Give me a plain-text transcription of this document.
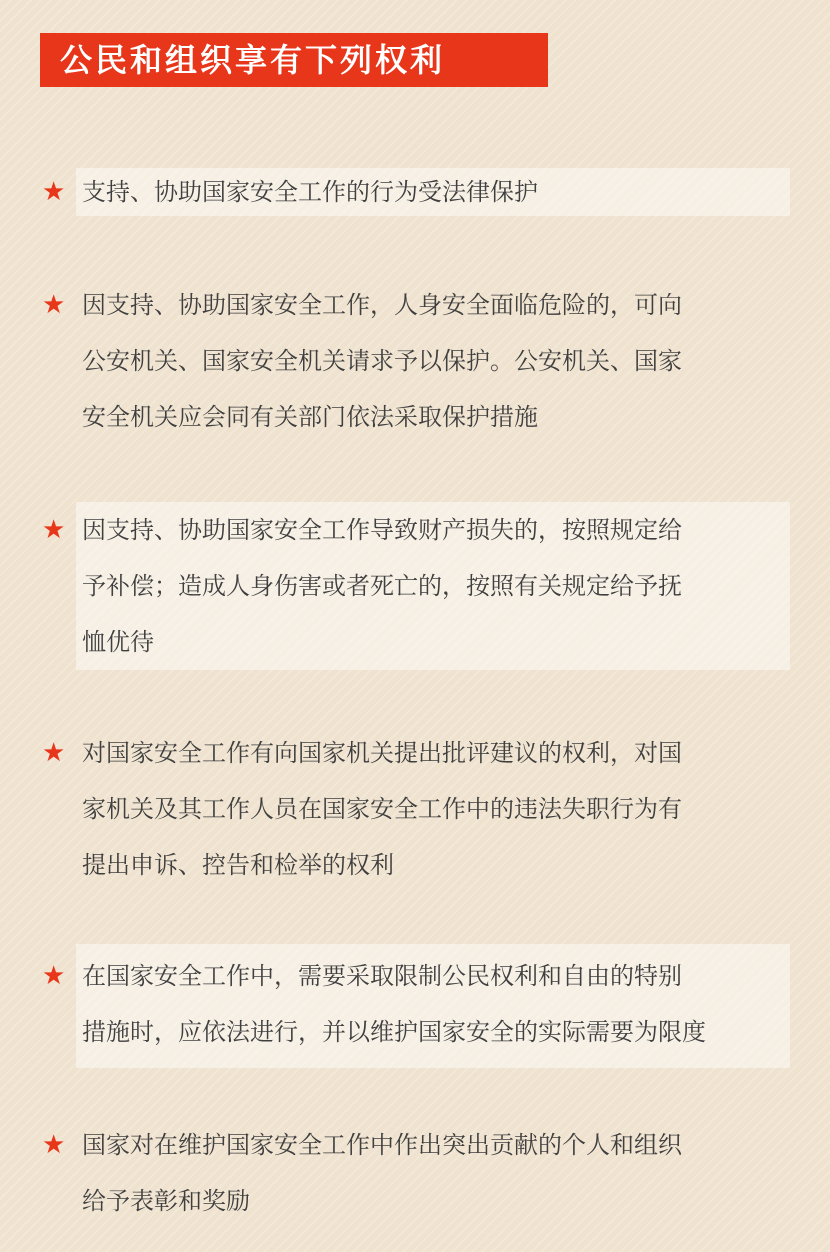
公民和组织享有下列权利
★ 支持、协助国家安全工作的行为受法律保护
★ 因支持、协助国家安全工作，人身安全面临危险的，可向
公安机关、国家安全机关请求予以保护。公安机关、国家
安全机关应会同有关部门依法采取保护措施
★ 因支持、协助国家安全工作导致财产损失的，按照规定给
予补偿；造成人身伤害或者死亡的，按照有关规定给予抚
恤优待
★ 对国家安全工作有向国家机关提出批评建议的权利，对国
家机关及其工作人员在国家安全工作中的违法失职行为有
提出申诉、控告和检举的权利
★ 在国家安全工作中，需要采取限制公民权利和自由的特别
措施时，应依法进行，并以维护国家安全的实际需要为限度
★ 国家对在维护国家安全工作中作出突出贡献的个人和组织
给予表彰和奖励
